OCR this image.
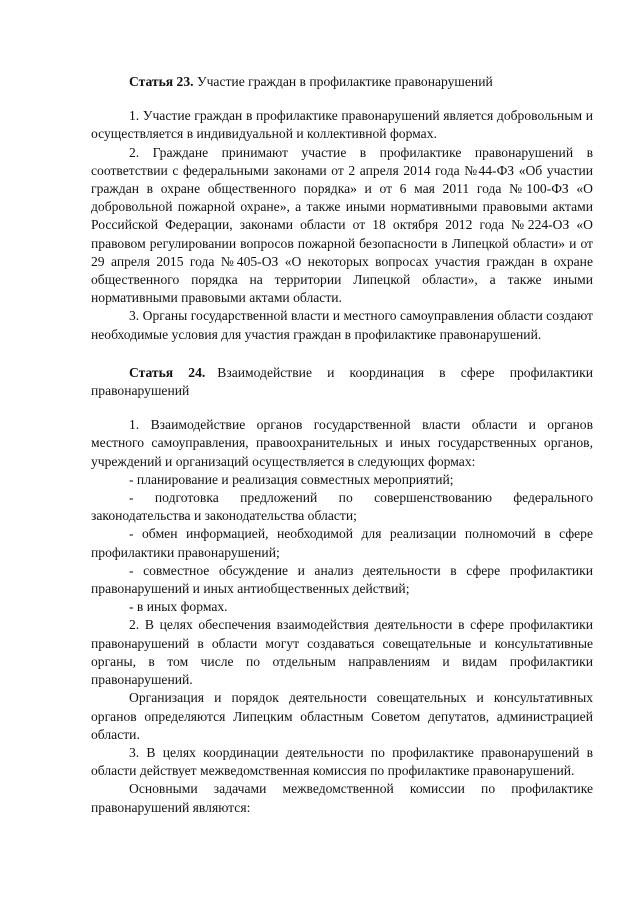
Статья 23. Участие граждан в профилактике правонарушений

1. Участие граждан в профилактике правонарушений является добровольным и осуществляется в индивидуальной и коллективной формах.

2. Граждане принимают участие в профилактике правонарушений в соответствии с федеральными законами от 2 апреля 2014 года №44-ФЗ «Об участии граждан в охране общественного порядка» и от 6 мая 2011 года №100-ФЗ «О добровольной пожарной охране», а также иными нормативными правовыми актами Российской Федерации, законами области от 18 октября 2012 года №224-ОЗ «О правовом регулировании вопросов пожарной безопасности в Липецкой области» и от 29 апреля 2015 года №405-ОЗ «О некоторых вопросах участия граждан в охране общественного порядка на территории Липецкой области», а также иными нормативными правовыми актами области.

3. Органы государственной власти и местного самоуправления области создают необходимые условия для участия граждан в профилактике правонарушений.

Статья 24. Взаимодействие и координация в сфере профилактики правонарушений

1. Взаимодействие органов государственной власти области и органов местного самоуправления, правоохранительных и иных государственных органов, учреждений и организаций осуществляется в следующих формах:

- планирование и реализация совместных мероприятий;

- подготовка предложений по совершенствованию федерального законодательства и законодательства области;

- обмен информацией, необходимой для реализации полномочий в сфере профилактики правонарушений;

- совместное обсуждение и анализ деятельности в сфере профилактики правонарушений и иных антиобщественных действий;

- в иных формах.

2. В целях обеспечения взаимодействия деятельности в сфере профилактики правонарушений в области могут создаваться совещательные и консультативные органы, в том числе по отдельным направлениям и видам профилактики правонарушений.

Организация и порядок деятельности совещательных и консультативных органов определяются Липецким областным Советом депутатов, администрацией области.

3. В целях координации деятельности по профилактике правонарушений в области действует межведомственная комиссия по профилактике правонарушений.

Основными задачами межведомственной комиссии по профилактике правонарушений являются:
